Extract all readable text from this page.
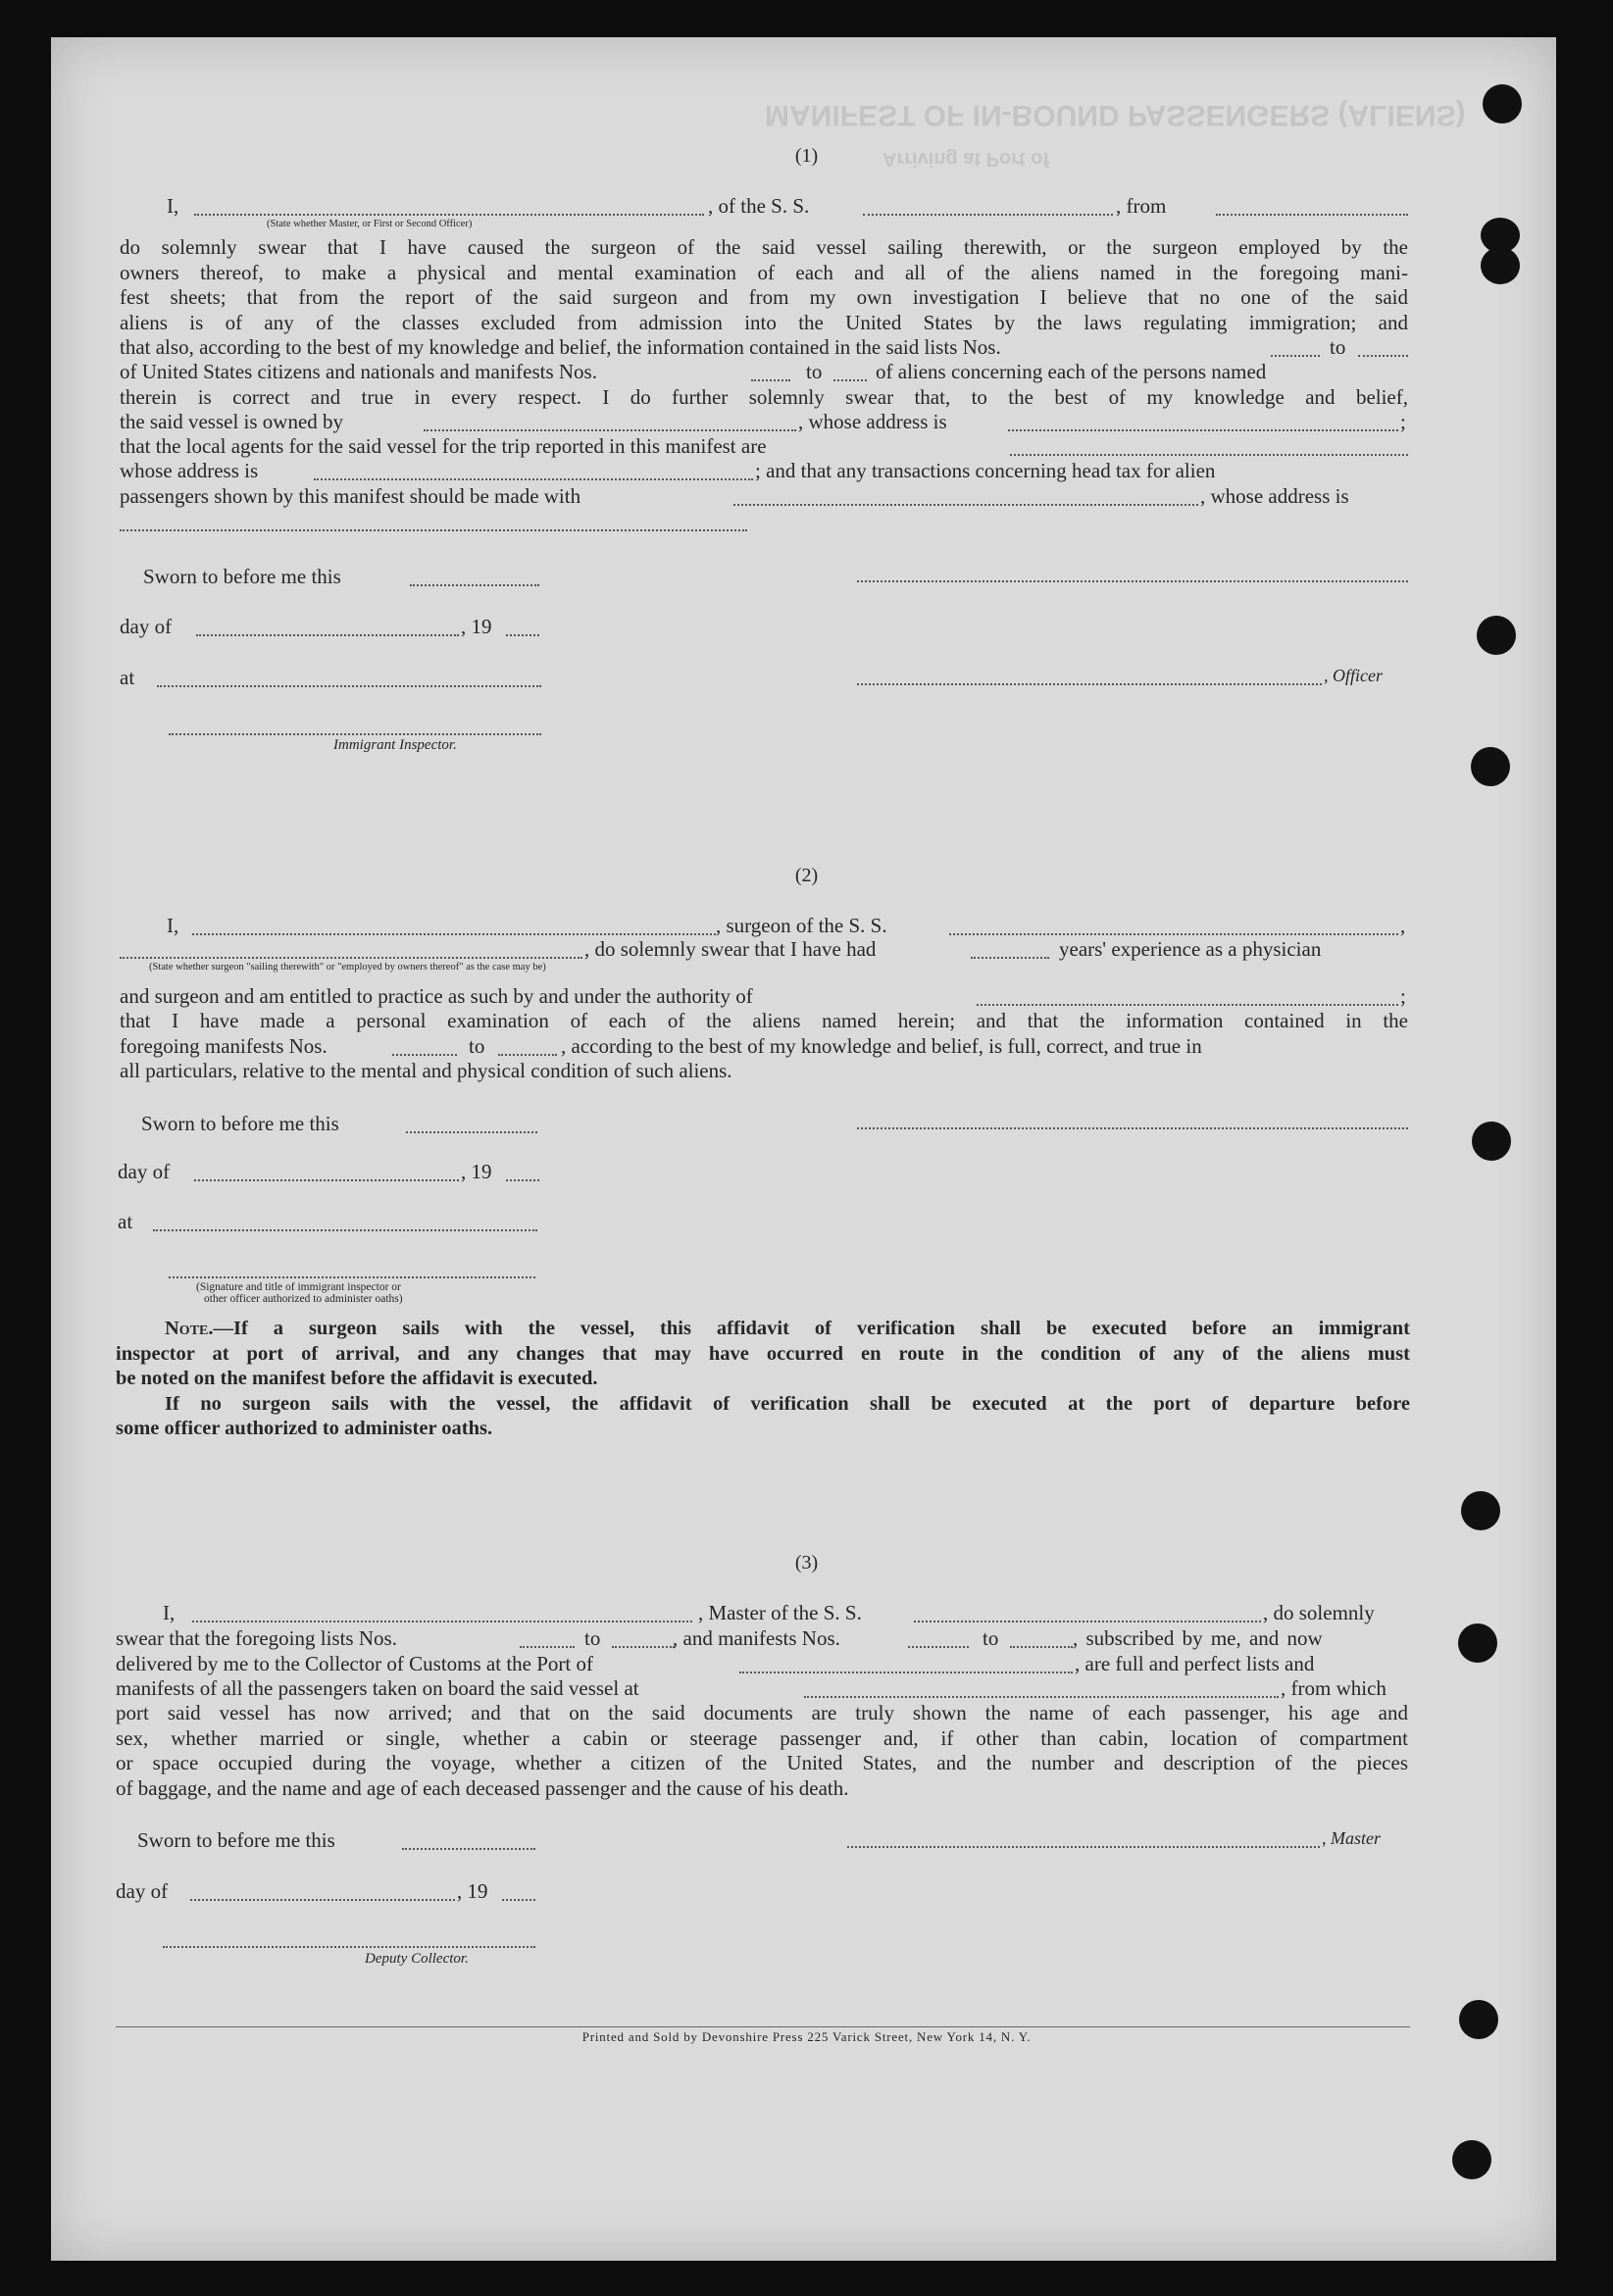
MANIFEST OF IN-BOUND PASSENGERS (ALIENS)
Arriving at Port of
(1)
I,	, of the S. S.	, from
(State whether Master, or First or Second Officer)
do solemnly swear that I have caused the surgeon of the said vessel sailing therewith, or the surgeon employed by the
owners thereof, to make a physical and mental examination of each and all of the aliens named in the foregoing mani-
fest sheets; that from the report of the said surgeon and from my own investigation I believe that no one of the said
aliens is of any of the classes excluded from admission into the United States by the laws regulating immigration; and
that also, according to the best of my knowledge and belief, the information contained in the said lists Nos.	to
of United States citizens and nationals and manifests Nos.	to	of aliens concerning each of the persons named
therein is correct and true in every respect. I do further solemnly swear that, to the best of my knowledge and belief,
the said vessel is owned by	, whose address is	;
that the local agents for the said vessel for the trip reported in this manifest are
whose address is	; and that any transactions concerning head tax for alien
passengers shown by this manifest should be made with	, whose address is
Sworn to before me this
day of	, 19
at	, Officer
Immigrant Inspector.
(2)
I,	, surgeon of the S. S.	,
, do solemnly swear that I have had	years' experience as a physician
(State whether surgeon "sailing therewith" or "employed by owners thereof" as the case may be)
and surgeon and am entitled to practice as such by and under the authority of	;
that I have made a personal examination of each of the aliens named herein; and that the information contained in the
foregoing manifests Nos.	to	, according to the best of my knowledge and belief, is full, correct, and true in
all particulars, relative to the mental and physical condition of such aliens.
Sworn to before me this
day of	, 19
at
(Signature and title of immigrant inspector or
other officer authorized to administer oaths)
Note.—If a surgeon sails with the vessel, this affidavit of verification shall be executed before an immigrant
inspector at port of arrival, and any changes that may have occurred en route in the condition of any of the aliens must
be noted on the manifest before the affidavit is executed.
If no surgeon sails with the vessel, the affidavit of verification shall be executed at the port of departure before
some officer authorized to administer oaths.
(3)
I,	, Master of the S. S.	, do solemnly
swear that the foregoing lists Nos.	to	, and manifests Nos.	to	, subscribed by me, and now
delivered by me to the Collector of Customs at the Port of	, are full and perfect lists and
manifests of all the passengers taken on board the said vessel at	, from which
port said vessel has now arrived; and that on the said documents are truly shown the name of each passenger, his age and
sex, whether married or single, whether a cabin or steerage passenger and, if other than cabin, location of compartment
or space occupied during the voyage, whether a citizen of the United States, and the number and description of the pieces
of baggage, and the name and age of each deceased passenger and the cause of his death.
Sworn to before me this	, Master
day of	, 19
Deputy Collector.
Printed and Sold by Devonshire Press 225 Varick Street, New York 14, N. Y.
